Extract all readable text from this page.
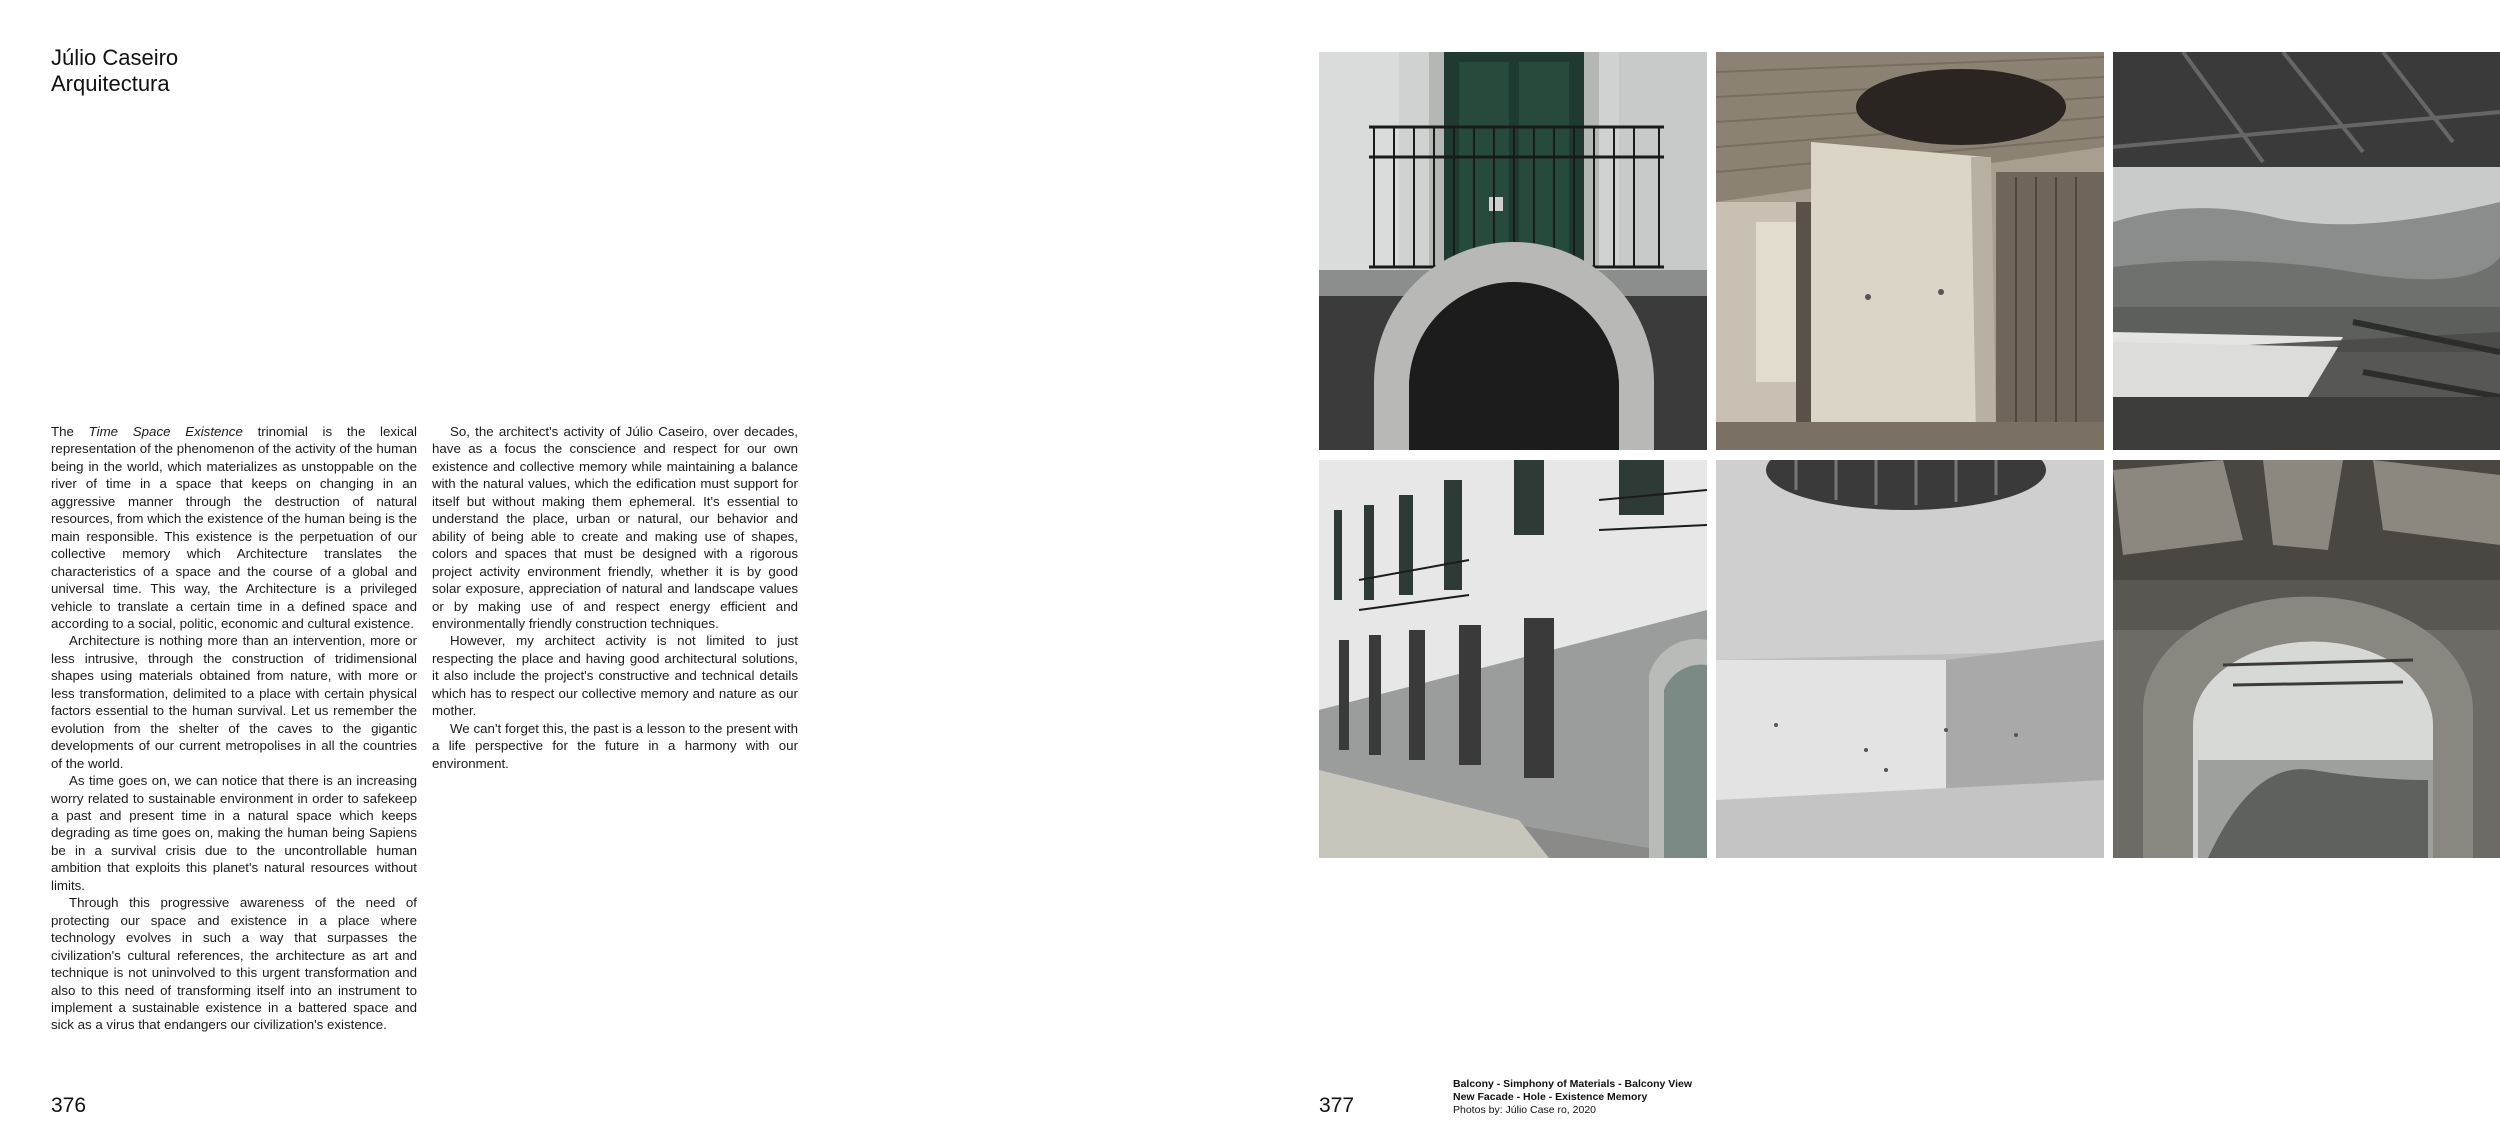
Júlio Caseiro
Arquitectura

The Time Space Existence trinomial is the lexical representation of the phenomenon of the activity of the human being in the world, which materializes as unstoppable on the river of time in a space that keeps on changing in an aggressive manner through the destruction of natural resources, from which the existence of the human being is the main responsible. This existence is the perpetuation of our collective memory which Architecture translates the characteristics of a space and the course of a global and universal time. This way, the Architecture is a privileged vehicle to translate a certain time in a defined space and according to a social, politic, economic and cultural existence.

Architecture is nothing more than an intervention, more or less intrusive, through the construction of tridimensional shapes using materials obtained from nature, with more or less transformation, delimited to a place with certain physical factors essential to the human survival. Let us remember the evolution from the shelter of the caves to the gigantic developments of our current metropolises in all the countries of the world.

As time goes on, we can notice that there is an increasing worry related to sustainable environment in order to safekeep a past and present time in a natural space which keeps degrading as time goes on, making the human being Sapiens be in a survival crisis due to the uncontrollable human ambition that exploits this planet's natural resources without limits.

Through this progressive awareness of the need of protecting our space and existence in a place where technology evolves in such a way that surpasses the civilization's cultural references, the architecture as art and technique is not uninvolved to this urgent transformation and also to this need of transforming itself into an instrument to implement a sustainable existence in a battered space and sick as a virus that endangers our civilization's existence.

So, the architect's activity of Júlio Caseiro, over decades, have as a focus the conscience and respect for our own existence and collective memory while maintaining a balance with the natural values, which the edification must support for itself but without making them ephemeral. It's essential to understand the place, urban or natural, our behavior and ability of being able to create and making use of shapes, colors and spaces that must be designed with a rigorous project activity environment friendly, whether it is by good solar exposure, appreciation of natural and landscape values or by making use of and respect energy efficient and environmentally friendly construction techniques.

However, my architect activity is not limited to just respecting the place and having good architectural solutions, it also include the project's constructive and technical details which has to respect our collective memory and nature as our mother.

We can't forget this, the past is a lesson to the present with a life perspective for the future in a harmony with our environment.

376	377
Balcony - Simphony of Materials - Balcony View
New Facade - Hole - Existence Memory
Photos by: Júlio Case ro, 2020
